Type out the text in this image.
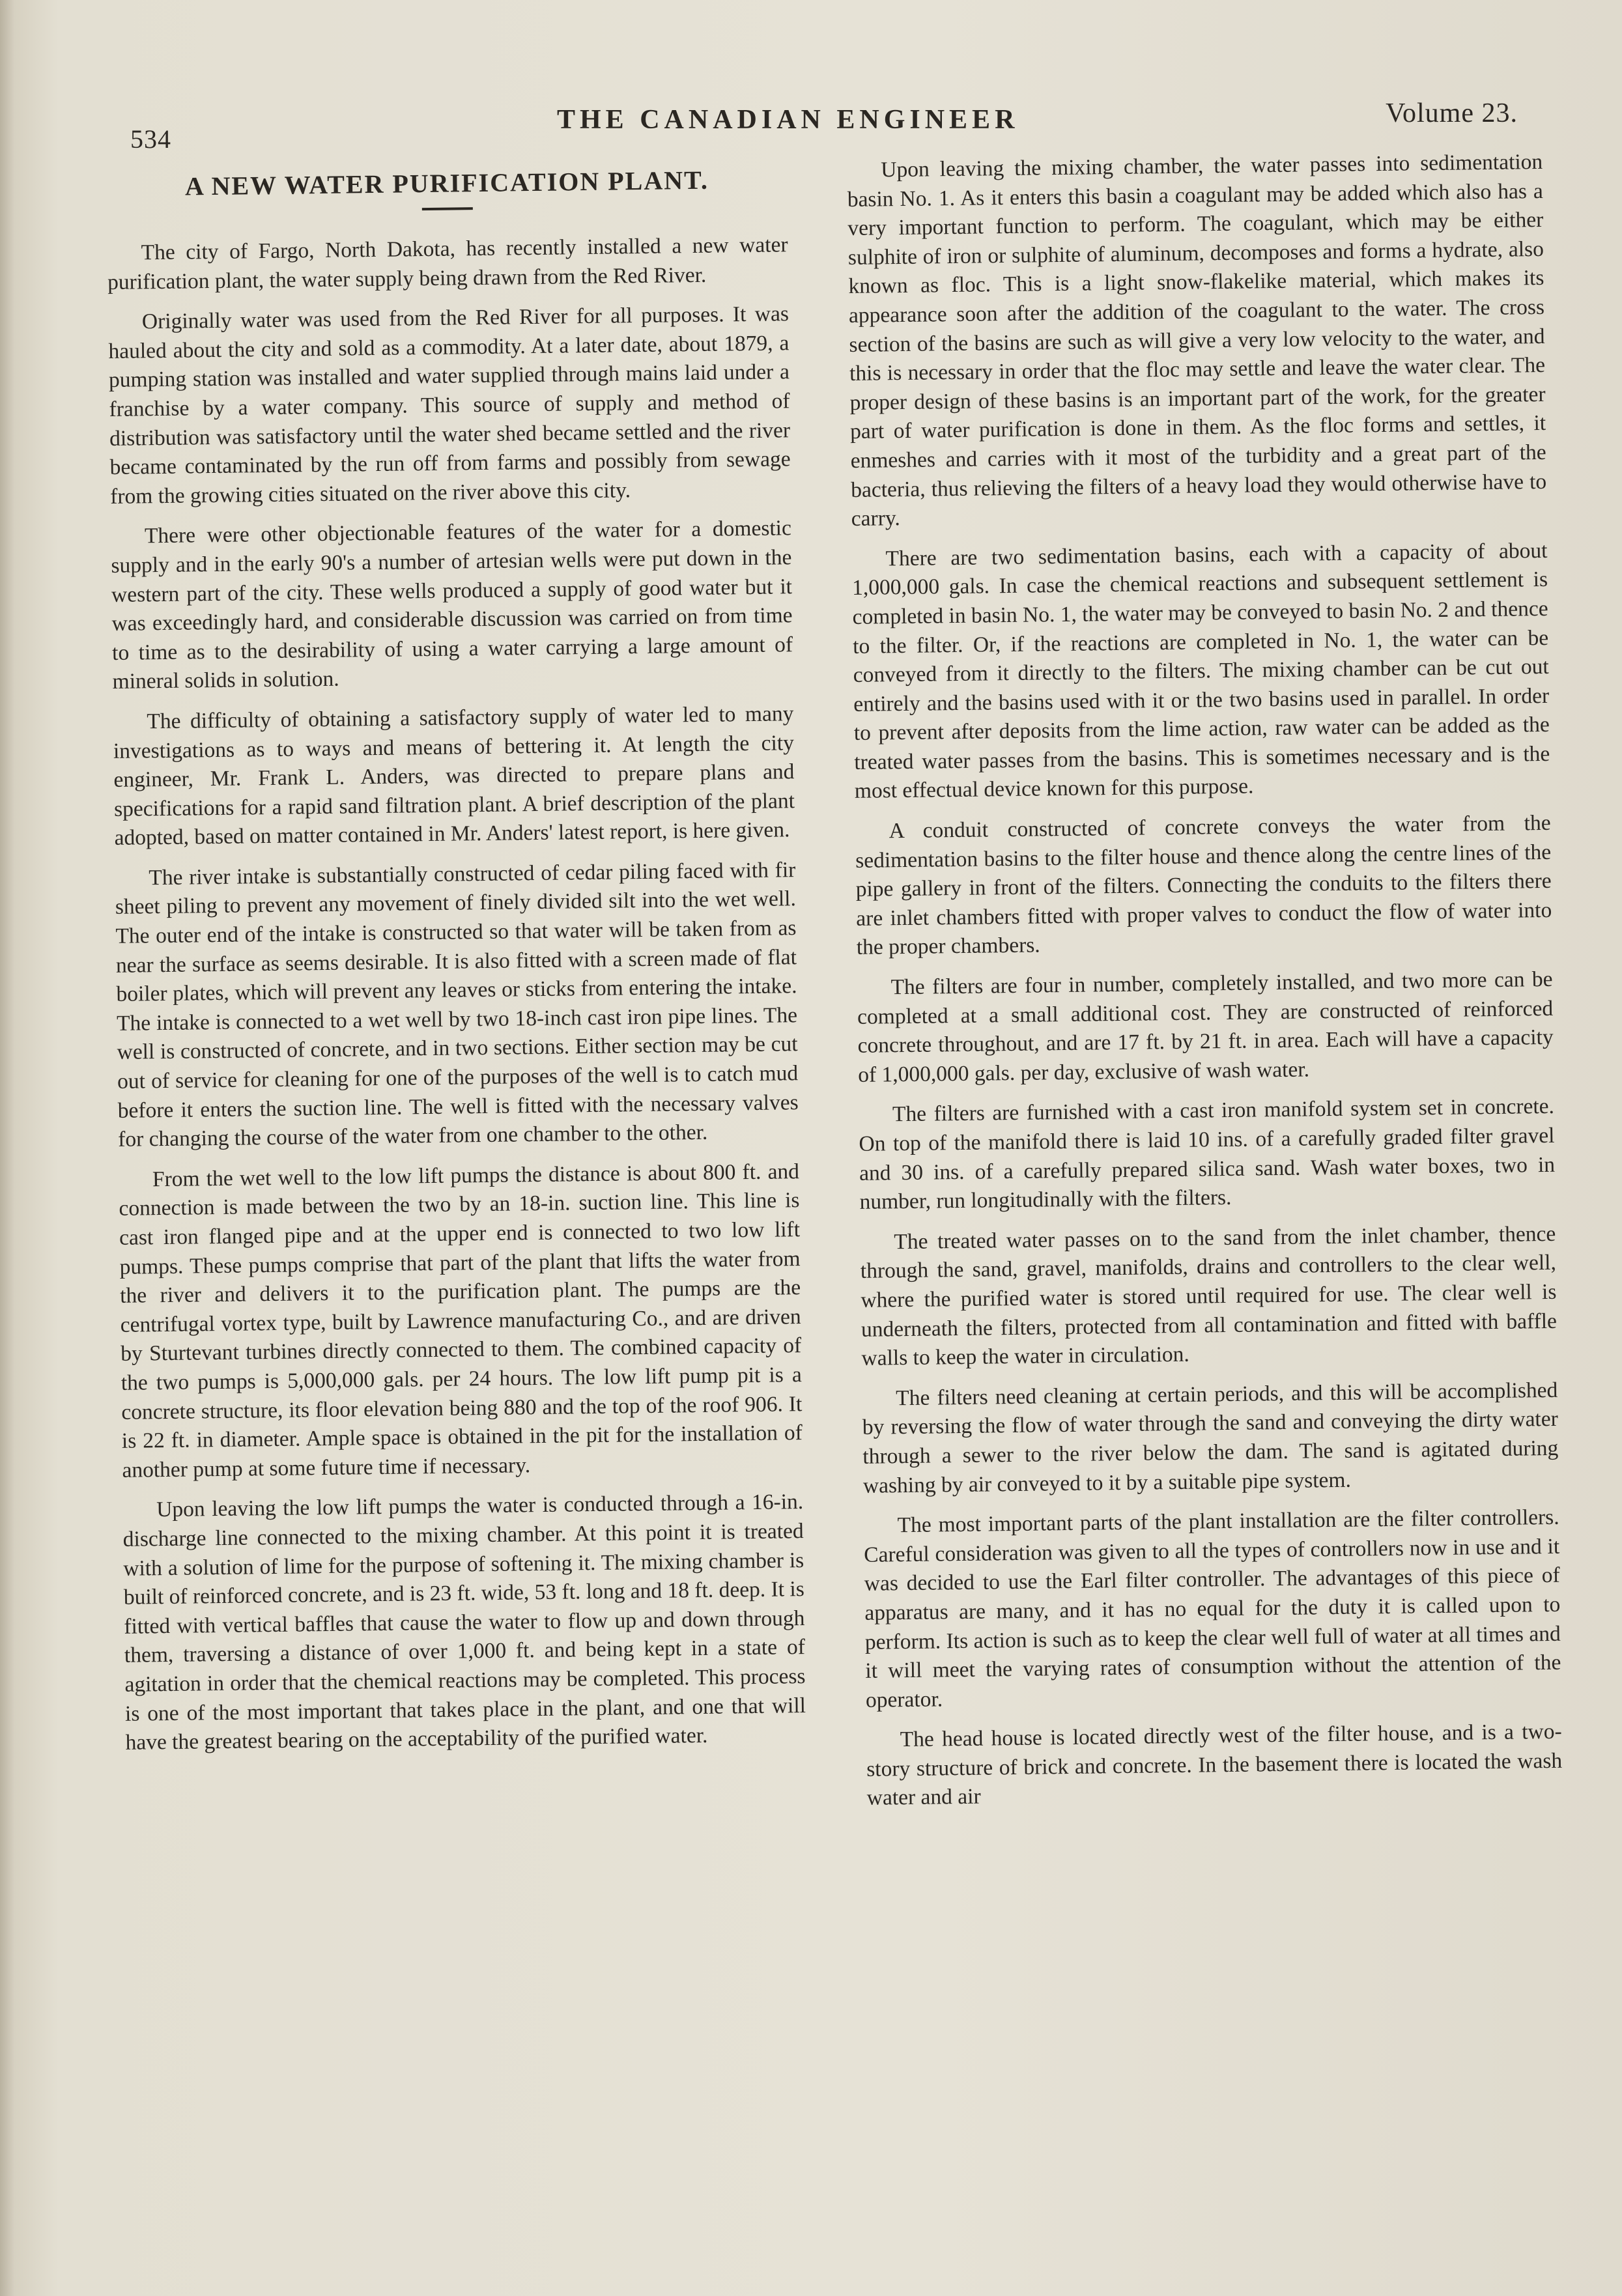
534
THE CANADIAN ENGINEER	Volume 23.
A NEW WATER PURIFICATION PLANT.

The city of Fargo, North Dakota, has recently installed a new water purification plant, the water supply being drawn from the Red River.

Originally water was used from the Red River for all purposes. It was hauled about the city and sold as a commodity. At a later date, about 1879, a pumping station was installed and water supplied through mains laid under a franchise by a water company. This source of supply and method of distribution was satisfactory until the water shed became settled and the river became contaminated by the run off from farms and possibly from sewage from the growing cities situated on the river above this city.

There were other objectionable features of the water for a domestic supply and in the early 90's a number of artesian wells were put down in the western part of the city. These wells produced a supply of good water but it was exceedingly hard, and considerable discussion was carried on from time to time as to the desirability of using a water carrying a large amount of mineral solids in solution.

The difficulty of obtaining a satisfactory supply of water led to many investigations as to ways and means of bettering it. At length the city engineer, Mr. Frank L. Anders, was directed to prepare plans and specifications for a rapid sand filtration plant. A brief description of the plant adopted, based on matter contained in Mr. Anders' latest report, is here given.

The river intake is substantially constructed of cedar piling faced with fir sheet piling to prevent any movement of finely divided silt into the wet well. The outer end of the intake is constructed so that water will be taken from as near the surface as seems desirable. It is also fitted with a screen made of flat boiler plates, which will prevent any leaves or sticks from entering the intake. The intake is connected to a wet well by two 18-inch cast iron pipe lines. The well is constructed of concrete, and in two sections. Either section may be cut out of service for cleaning for one of the purposes of the well is to catch mud before it enters the suction line. The well is fitted with the necessary valves for changing the course of the water from one chamber to the other.

From the wet well to the low lift pumps the distance is about 800 ft. and connection is made between the two by an 18-in. suction line. This line is cast iron flanged pipe and at the upper end is connected to two low lift pumps. These pumps comprise that part of the plant that lifts the water from the river and delivers it to the purification plant. The pumps are the centrifugal vortex type, built by Lawrence manufacturing Co., and are driven by Sturtevant turbines directly connected to them. The combined capacity of the two pumps is 5,000,000 gals. per 24 hours. The low lift pump pit is a concrete structure, its floor elevation being 880 and the top of the roof 906. It is 22 ft. in diameter. Ample space is obtained in the pit for the installation of another pump at some future time if necessary.

Upon leaving the low lift pumps the water is conducted through a 16-in. discharge line connected to the mixing chamber. At this point it is treated with a solution of lime for the purpose of softening it. The mixing chamber is built of reinforced concrete, and is 23 ft. wide, 53 ft. long and 18 ft. deep. It is fitted with vertical baffles that cause the water to flow up and down through them, traversing a distance of over 1,000 ft. and being kept in a state of agitation in order that the chemical reactions may be completed. This process is one of the most important that takes place in the plant, and one that will have the greatest bearing on the acceptability of the purified water.

Upon leaving the mixing chamber, the water passes into sedimentation basin No. 1. As it enters this basin a coagulant may be added which also has a very important function to perform. The coagulant, which may be either sulphite of iron or sulphite of aluminum, decomposes and forms a hydrate, also known as floc. This is a light snow-flakelike material, which makes its appearance soon after the addition of the coagulant to the water. The cross section of the basins are such as will give a very low velocity to the water, and this is necessary in order that the floc may settle and leave the water clear. The proper design of these basins is an important part of the work, for the greater part of water purification is done in them. As the floc forms and settles, it enmeshes and carries with it most of the turbidity and a great part of the bacteria, thus relieving the filters of a heavy load they would otherwise have to carry.

There are two sedimentation basins, each with a capacity of about 1,000,000 gals. In case the chemical reactions and subsequent settlement is completed in basin No. 1, the water may be conveyed to basin No. 2 and thence to the filter. Or, if the reactions are completed in No. 1, the water can be conveyed from it directly to the filters. The mixing chamber can be cut out entirely and the basins used with it or the two basins used in parallel. In order to prevent after deposits from the lime action, raw water can be added as the treated water passes from the basins. This is sometimes necessary and is the most effectual device known for this purpose.

A conduit constructed of concrete conveys the water from the sedimentation basins to the filter house and thence along the centre lines of the pipe gallery in front of the filters. Connecting the conduits to the filters there are inlet chambers fitted with proper valves to conduct the flow of water into the proper chambers.

The filters are four in number, completely installed, and two more can be completed at a small additional cost. They are constructed of reinforced concrete throughout, and are 17 ft. by 21 ft. in area. Each will have a capacity of 1,000,000 gals. per day, exclusive of wash water.

The filters are furnished with a cast iron manifold system set in concrete. On top of the manifold there is laid 10 ins. of a carefully graded filter gravel and 30 ins. of a carefully prepared silica sand. Wash water boxes, two in number, run longitudinally with the filters.

The treated water passes on to the sand from the inlet chamber, thence through the sand, gravel, manifolds, drains and controllers to the clear well, where the purified water is stored until required for use. The clear well is underneath the filters, protected from all contamination and fitted with baffle walls to keep the water in circulation.

The filters need cleaning at certain periods, and this will be accomplished by reversing the flow of water through the sand and conveying the dirty water through a sewer to the river below the dam. The sand is agitated during washing by air conveyed to it by a suitable pipe system.

The most important parts of the plant installation are the filter controllers. Careful consideration was given to all the types of controllers now in use and it was decided to use the Earl filter controller. The advantages of this piece of apparatus are many, and it has no equal for the duty it is called upon to perform. Its action is such as to keep the clear well full of water at all times and it will meet the varying rates of consumption without the attention of the operator.

The head house is located directly west of the filter house, and is a two-story structure of brick and concrete. In the basement there is located the wash water and air
